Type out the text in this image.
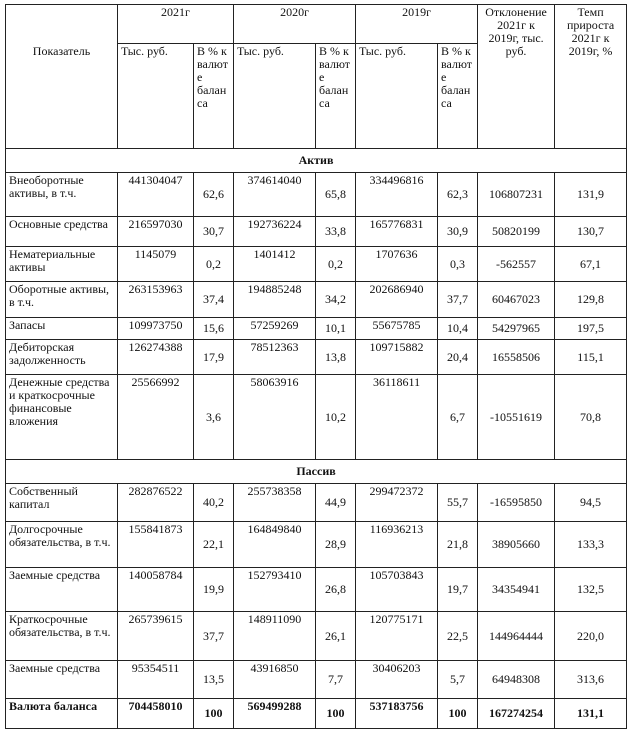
Показатель	2021г		2020г		2019г		Отклонение 2021г к 2019г, тыс. руб.	Темп прироста 2021г к 2019г, %
	Тыс. руб.	В % к валюте баланса	Тыс. руб.	В % к валюте баланса	Тыс. руб.	В % к валюте баланса		
Актив								
Внеоборотные активы, в т.ч.	441304047	62,6	374614040	65,8	334496816	62,3	106807231	131,9
Основные средства	216597030	30,7	192736224	33,8	165776831	30,9	50820199	130,7
Нематериальные активы	1145079	0,2	1401412	0,2	1707636	0,3	-562557	67,1
Оборотные активы, в т.ч.	263153963	37,4	194885248	34,2	202686940	37,7	60467023	129,8
Запасы	109973750	15,6	57259269	10,1	55675785	10,4	54297965	197,5
Дебиторская задолженность	126274388	17,9	78512363	13,8	109715882	20,4	16558506	115,1
Денежные средства и краткосрочные финансовые вложения	25566992	3,6	58063916	10,2	36118611	6,7	-10551619	70,8
Пассив								
Собственный капитал	282876522	40,2	255738358	44,9	299472372	55,7	-16595850	94,5
Долгосрочные обязательства, в т.ч.	155841873	22,1	164849840	28,9	116936213	21,8	38905660	133,3
Заемные средства	140058784	19,9	152793410	26,8	105703843	19,7	34354941	132,5
Краткосрочные обязательства, в т.ч.	265739615	37,7	148911090	26,1	120775171	22,5	144964444	220,0
Заемные средства	95354511	13,5	43916850	7,7	30406203	5,7	64948308	313,6
Валюта баланса	704458010	100	569499288	100	537183756	100	167274254	131,1
